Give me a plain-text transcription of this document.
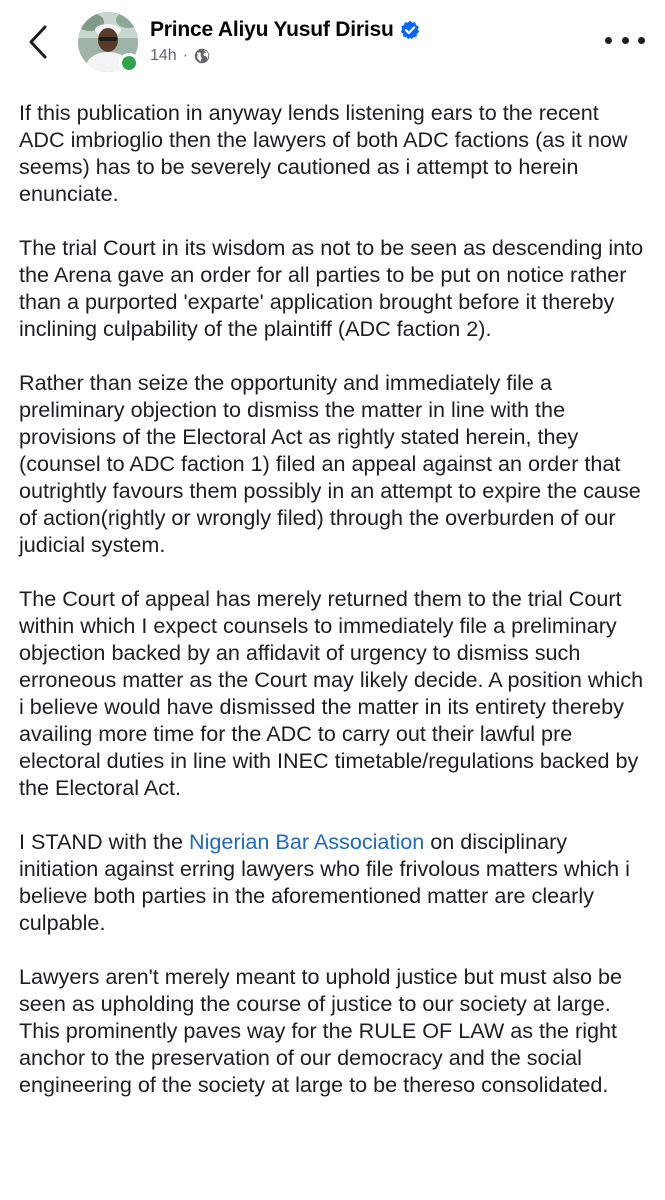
Prince Aliyu Yusuf Dirisu
14h ·

If this publication in anyway lends listening ears to the recent ADC imbrioglio then the lawyers of both ADC factions (as it now seems) has to be severely cautioned as i attempt to herein enunciate.

The trial Court in its wisdom as not to be seen as descending into the Arena gave an order for all parties to be put on notice rather than a purported 'exparte' application brought before it thereby inclining culpability of the plaintiff (ADC faction 2).

Rather than seize the opportunity and immediately file a preliminary objection to dismiss the matter in line with the provisions of the Electoral Act as rightly stated herein, they (counsel to ADC faction 1) filed an appeal against an order that outrightly favours them possibly in an attempt to expire the cause of action(rightly or wrongly filed) through the overburden of our judicial system.

The Court of appeal has merely returned them to the trial Court within which I expect counsels to immediately file a preliminary objection backed by an affidavit of urgency to dismiss such erroneous matter as the Court may likely decide. A position which i believe would have dismissed the matter in its entirety thereby availing more time for the ADC to carry out their lawful pre electoral duties in line with INEC timetable/regulations backed by the Electoral Act.

I STAND with the Nigerian Bar Association on disciplinary initiation against erring lawyers who file frivolous matters which i believe both parties in the aforementioned matter are clearly culpable.

Lawyers aren't merely meant to uphold justice but must also be seen as upholding the course of justice to our society at large. This prominently paves way for the RULE OF LAW as the right anchor to the preservation of our democracy and the social engineering of the society at large to be thereso consolidated.
